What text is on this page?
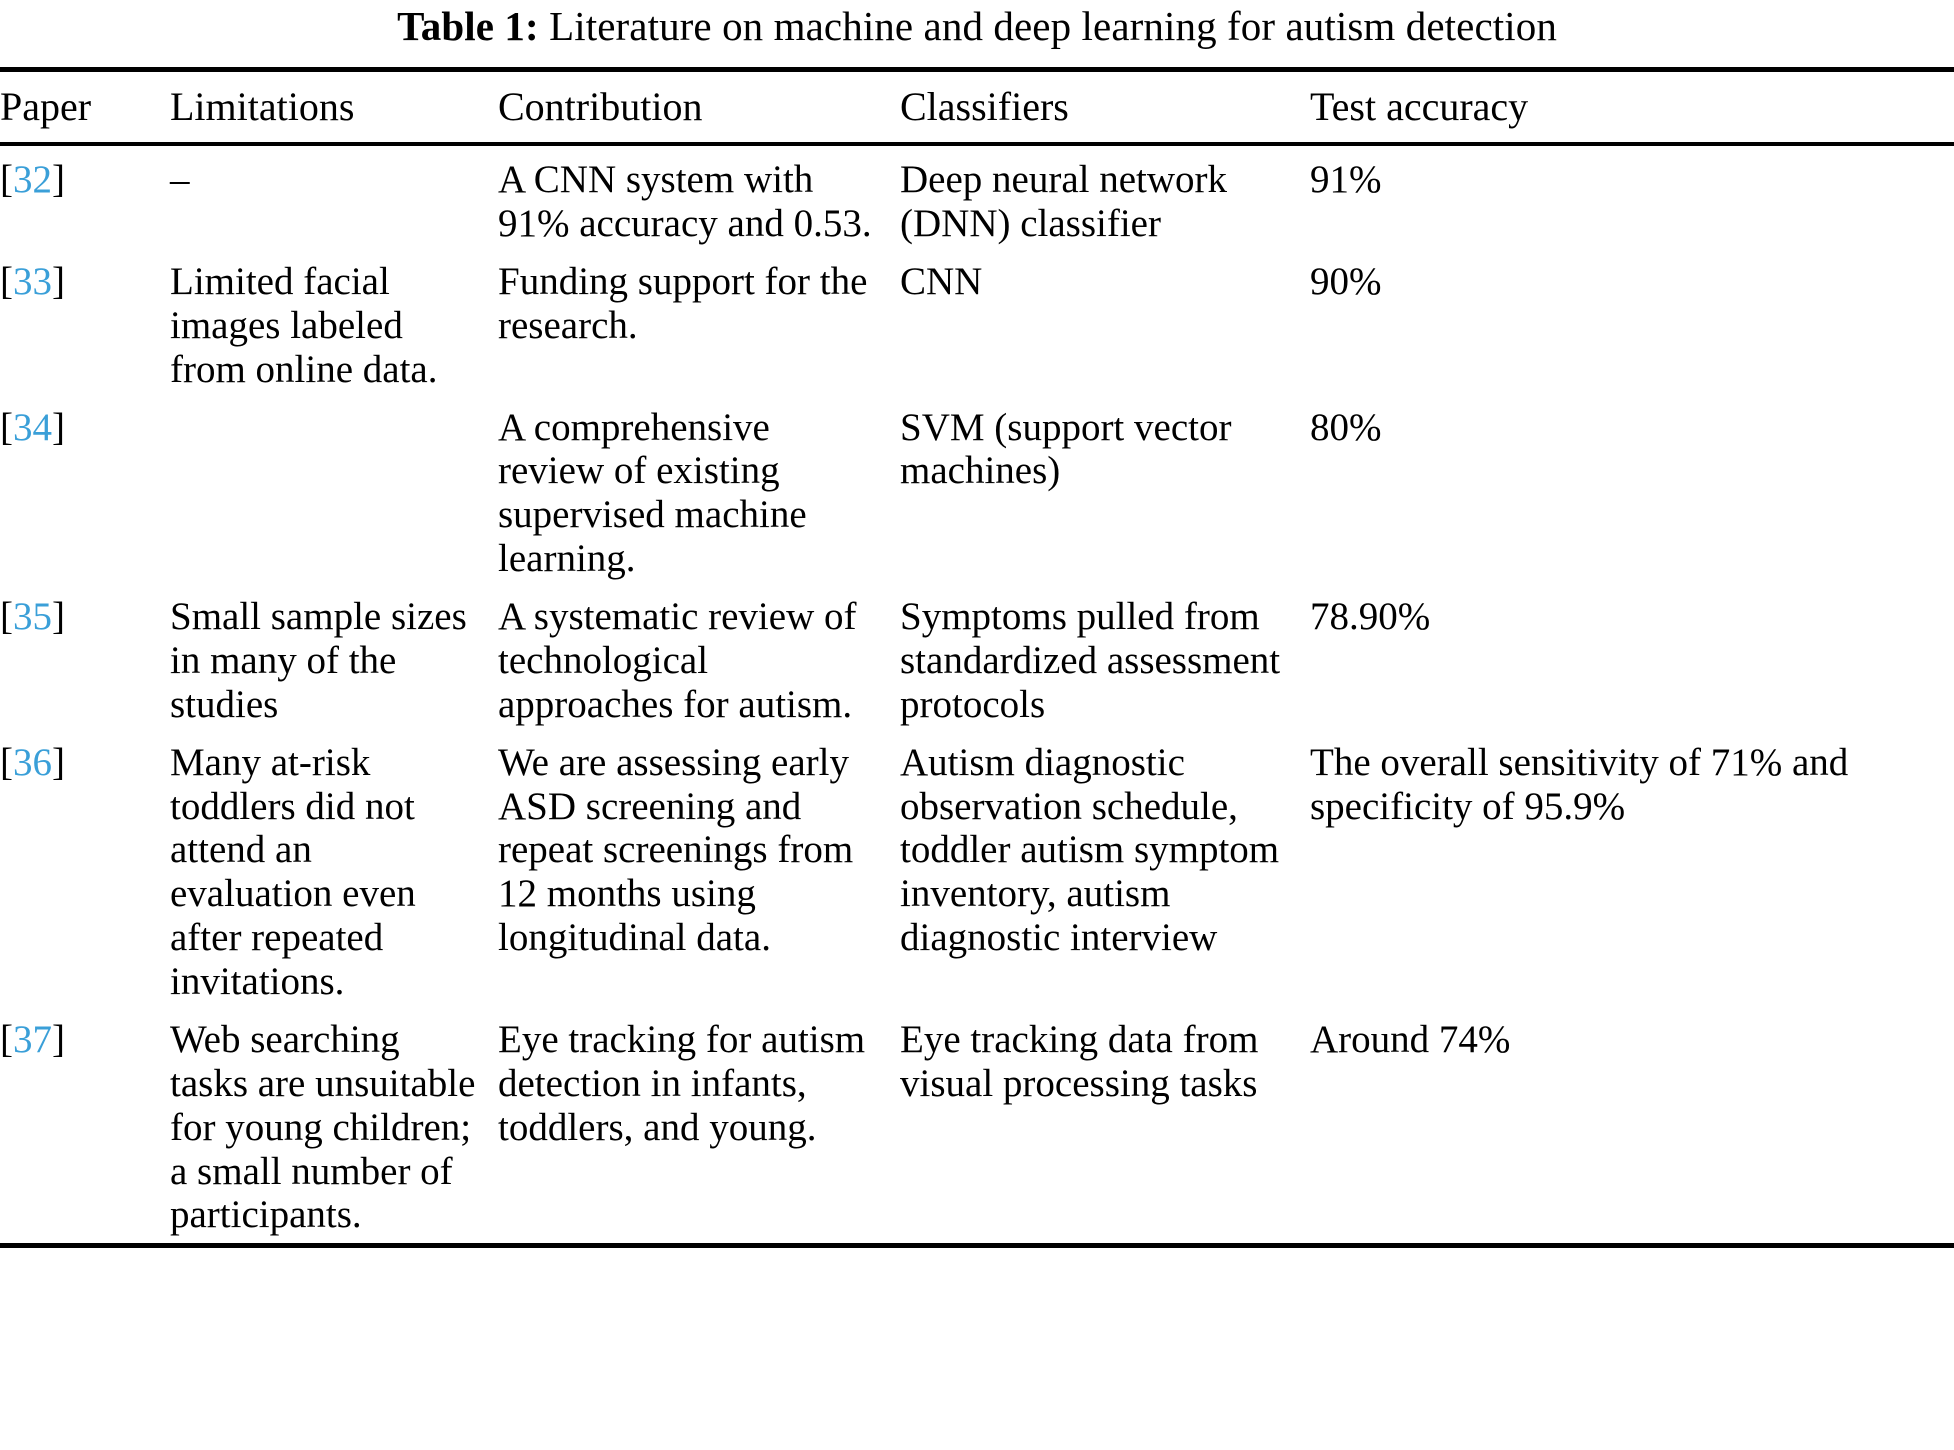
Table 1: Literature on machine and deep learning for autism detection
Paper	Limitations	Contribution	Classifiers	Test accuracy
[32]	–	A CNN system with 91% accuracy and 0.53.	Deep neural network (DNN) classifier	91%
[33]	Limited facial images labeled from online data.	Funding support for the research.	CNN	90%
[34]		A comprehensive review of existing supervised machine learning.	SVM (support vector machines)	80%
[35]	Small sample sizes in many of the studies	A systematic review of technological approaches for autism.	Symptoms pulled from standardized assessment protocols	78.90%
[36]	Many at-risk toddlers did not attend an evaluation even after repeated invitations.	We are assessing early ASD screening and repeat screenings from 12 months using longitudinal data.	Autism diagnostic observation schedule, toddler autism symptom inventory, autism diagnostic interview	The overall sensitivity of 71% and specificity of 95.9%
[37]	Web searching tasks are unsuitable for young children; a small number of participants.	Eye tracking for autism detection in infants, toddlers, and young.	Eye tracking data from visual processing tasks	Around 74%
